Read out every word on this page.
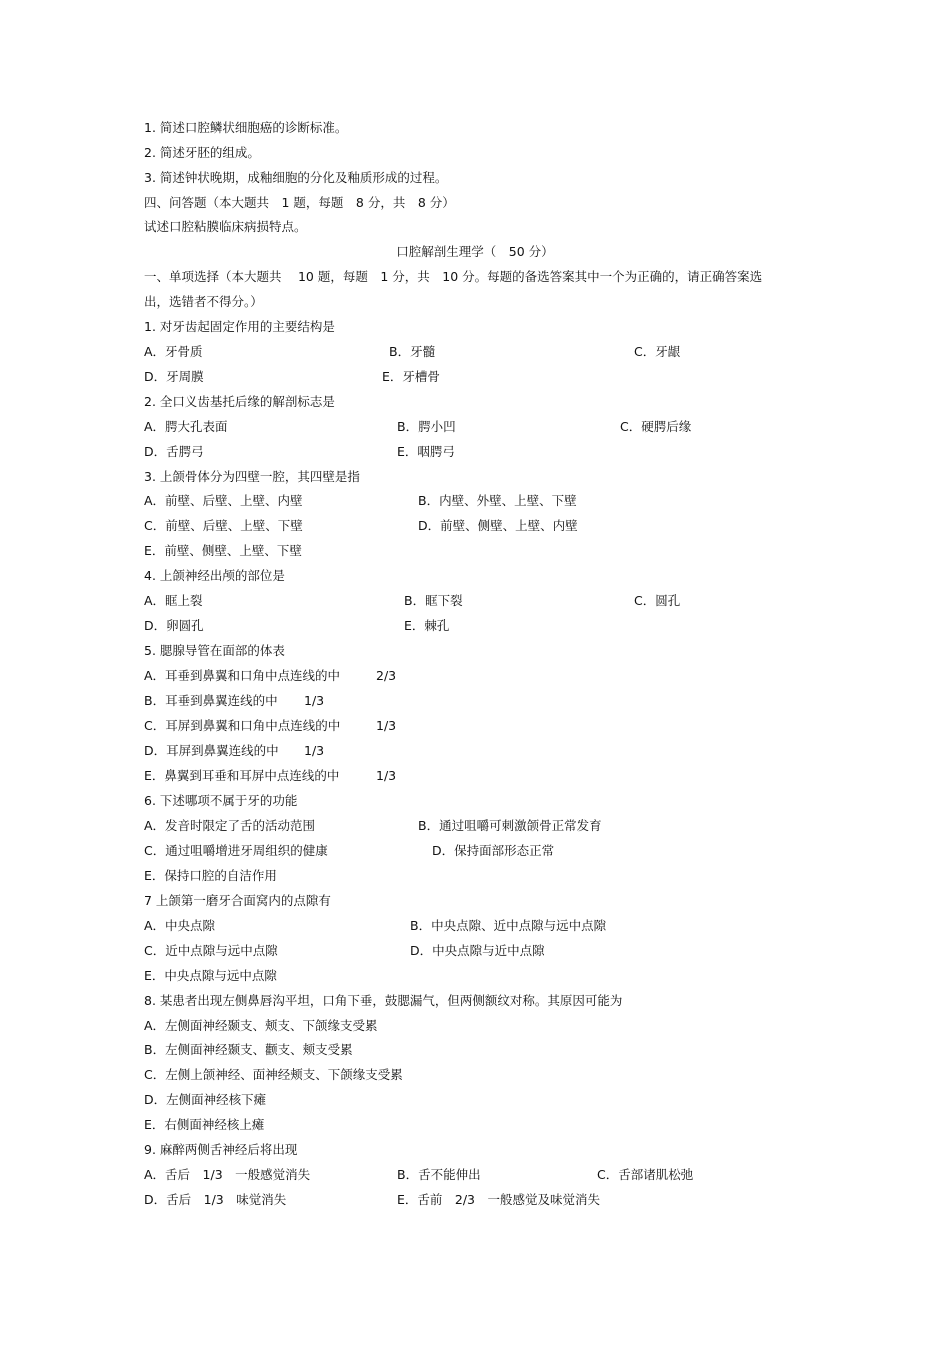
1. 简述口腔鳞状细胞癌的诊断标准。
2. 简述牙胚的组成。
3. 简述钟状晚期，成釉细胞的分化及釉质形成的过程。
四、问答题（本大题共　1 题，每题　8 分，共　8 分）
试述口腔粘膜临床病损特点。
口腔解剖生理学（　50 分）
一、单项选择（本大题共　 10 题，每题　1 分，共　10 分。每题的备选答案其中一个为正确的，请正确答案选
出，选错者不得分。）
1. 对牙齿起固定作用的主要结构是
A．牙骨质	B．牙髓	C．牙龈
D．牙周膜	E．牙槽骨
2. 全口义齿基托后缘的解剖标志是
A．腭大孔表面	B．腭小凹	C．硬腭后缘
D．舌腭弓	E．咽腭弓
3. 上颌骨体分为四壁一腔，其四壁是指
A．前壁、后壁、上壁、内壁	B．内壁、外壁、上壁、下壁
C．前壁、后壁、上壁、下壁	D．前壁、侧壁、上壁、内壁
E．前壁、侧壁、上壁、下壁
4. 上颌神经出颅的部位是
A．眶上裂	B．眶下裂	C．圆孔
D．卵圆孔	E．棘孔
5. 腮腺导管在面部的体表
A．耳垂到鼻翼和口角中点连线的中	2/3
B．耳垂到鼻翼连线的中 1/3
C．耳屏到鼻翼和口角中点连线的中	1/3
D．耳屏到鼻翼连线的中 1/3
E．鼻翼到耳垂和耳屏中点连线的中	1/3
6. 下述哪项不属于牙的功能
A．发音时限定了舌的活动范围	B．通过咀嚼可刺激颌骨正常发育
C．通过咀嚼增进牙周组织的健康	D．保持面部形态正常
E．保持口腔的自洁作用
7 上颌第一磨牙合面窝内的点隙有
A．中央点隙	B．中央点隙、近中点隙与远中点隙
C．近中点隙与远中点隙	D．中央点隙与近中点隙
E．中央点隙与远中点隙
8. 某患者出现左侧鼻唇沟平坦，口角下垂，鼓腮漏气，但两侧额纹对称。其原因可能为
A．左侧面神经颞支、颊支、下颌缘支受累
B．左侧面神经颞支、颧支、颊支受累
C．左侧上颌神经、面神经颊支、下颌缘支受累
D．左侧面神经核下瘫
E．右侧面神经核上瘫
9. 麻醉两侧舌神经后将出现
A．舌后　1/3　一般感觉消失	B．舌不能伸出	C．舌部诸肌松弛
D．舌后　1/3　味觉消失	E．舌前　2/3　一般感觉及味觉消失
